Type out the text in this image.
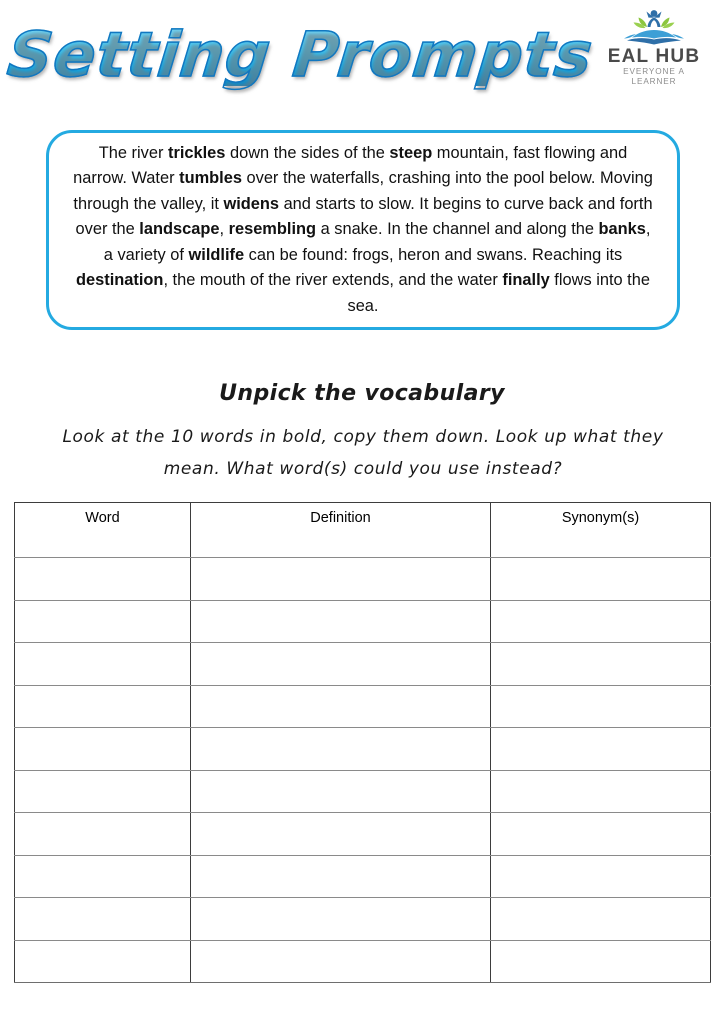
Setting Prompts EAL HUB
EVERYONE A LEARNER

The river trickles down the sides of the steep mountain, fast flowing and narrow. Water tumbles over the waterfalls, crashing into the pool below. Moving through the valley, it widens and starts to slow. It begins to curve back and forth over the landscape, resembling a snake. In the channel and along the banks, a variety of wildlife can be found: frogs, heron and swans. Reaching its destination, the mouth of the river extends, and the water finally flows into the sea.

Unpick the vocabulary
Look at the 10 words in bold, copy them down. Look up what they mean. What word(s) could you use instead?
Word	Definition	Synonym(s)
